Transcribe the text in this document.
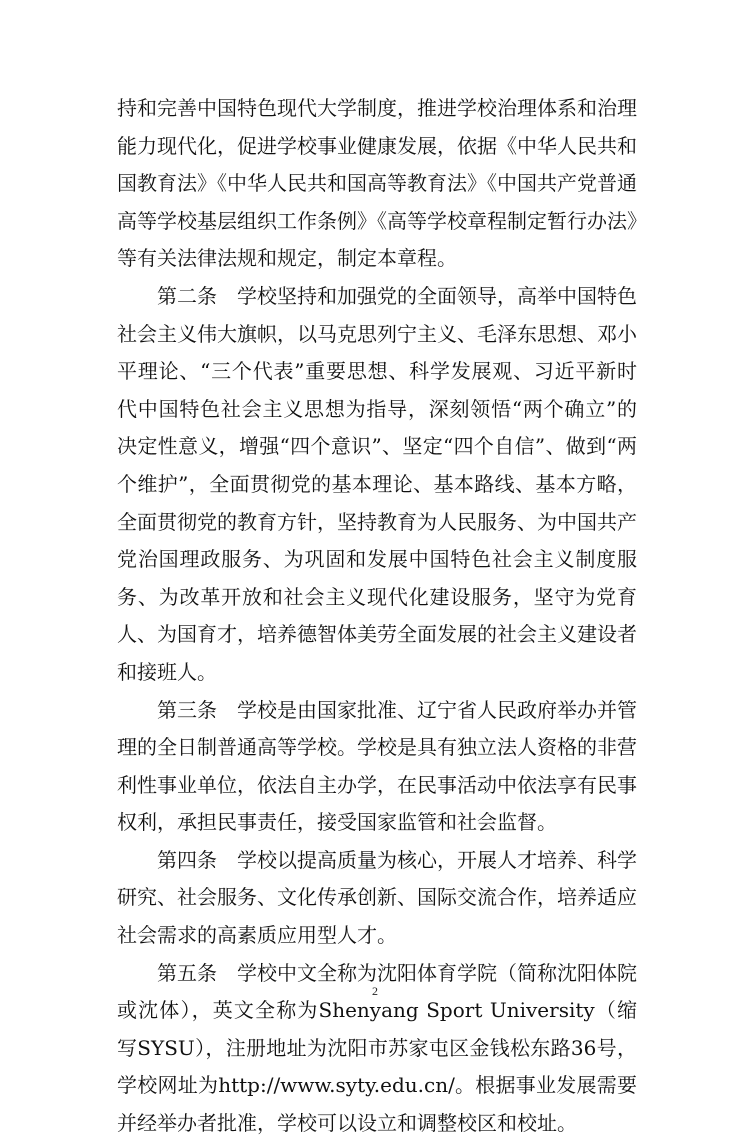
持和完善中国特色现代大学制度，推进学校治理体系和治理能力现代化，促进学校事业健康发展，依据《中华人民共和国教育法》《中华人民共和国高等教育法》《中国共产党普通高等学校基层组织工作条例》《高等学校章程制定暂行办法》等有关法律法规和规定，制定本章程。

第二条　学校坚持和加强党的全面领导，高举中国特色社会主义伟大旗帜，以马克思列宁主义、毛泽东思想、邓小平理论、“三个代表”重要思想、科学发展观、习近平新时代中国特色社会主义思想为指导，深刻领悟“两个确立”的决定性意义，增强“四个意识”、坚定“四个自信”、做到“两个维护”，全面贯彻党的基本理论、基本路线、基本方略，全面贯彻党的教育方针，坚持教育为人民服务、为中国共产党治国理政服务、为巩固和发展中国特色社会主义制度服务、为改革开放和社会主义现代化建设服务，坚守为党育人、为国育才，培养德智体美劳全面发展的社会主义建设者和接班人。

第三条　学校是由国家批准、辽宁省人民政府举办并管理的全日制普通高等学校。学校是具有独立法人资格的非营利性事业单位，依法自主办学，在民事活动中依法享有民事权利，承担民事责任，接受国家监管和社会监督。

第四条　学校以提高质量为核心，开展人才培养、科学研究、社会服务、文化传承创新、国际交流合作，培养适应社会需求的高素质应用型人才。

第五条　学校中文全称为沈阳体育学院（简称沈阳体院或沈体），英文全称为Shenyang Sport University（缩写SYSU），注册地址为沈阳市苏家屯区金钱松东路36号，学校网址为http://www.syty.edu.cn/。根据事业发展需要并经举办者批准，学校可以设立和调整校区和校址。

2
